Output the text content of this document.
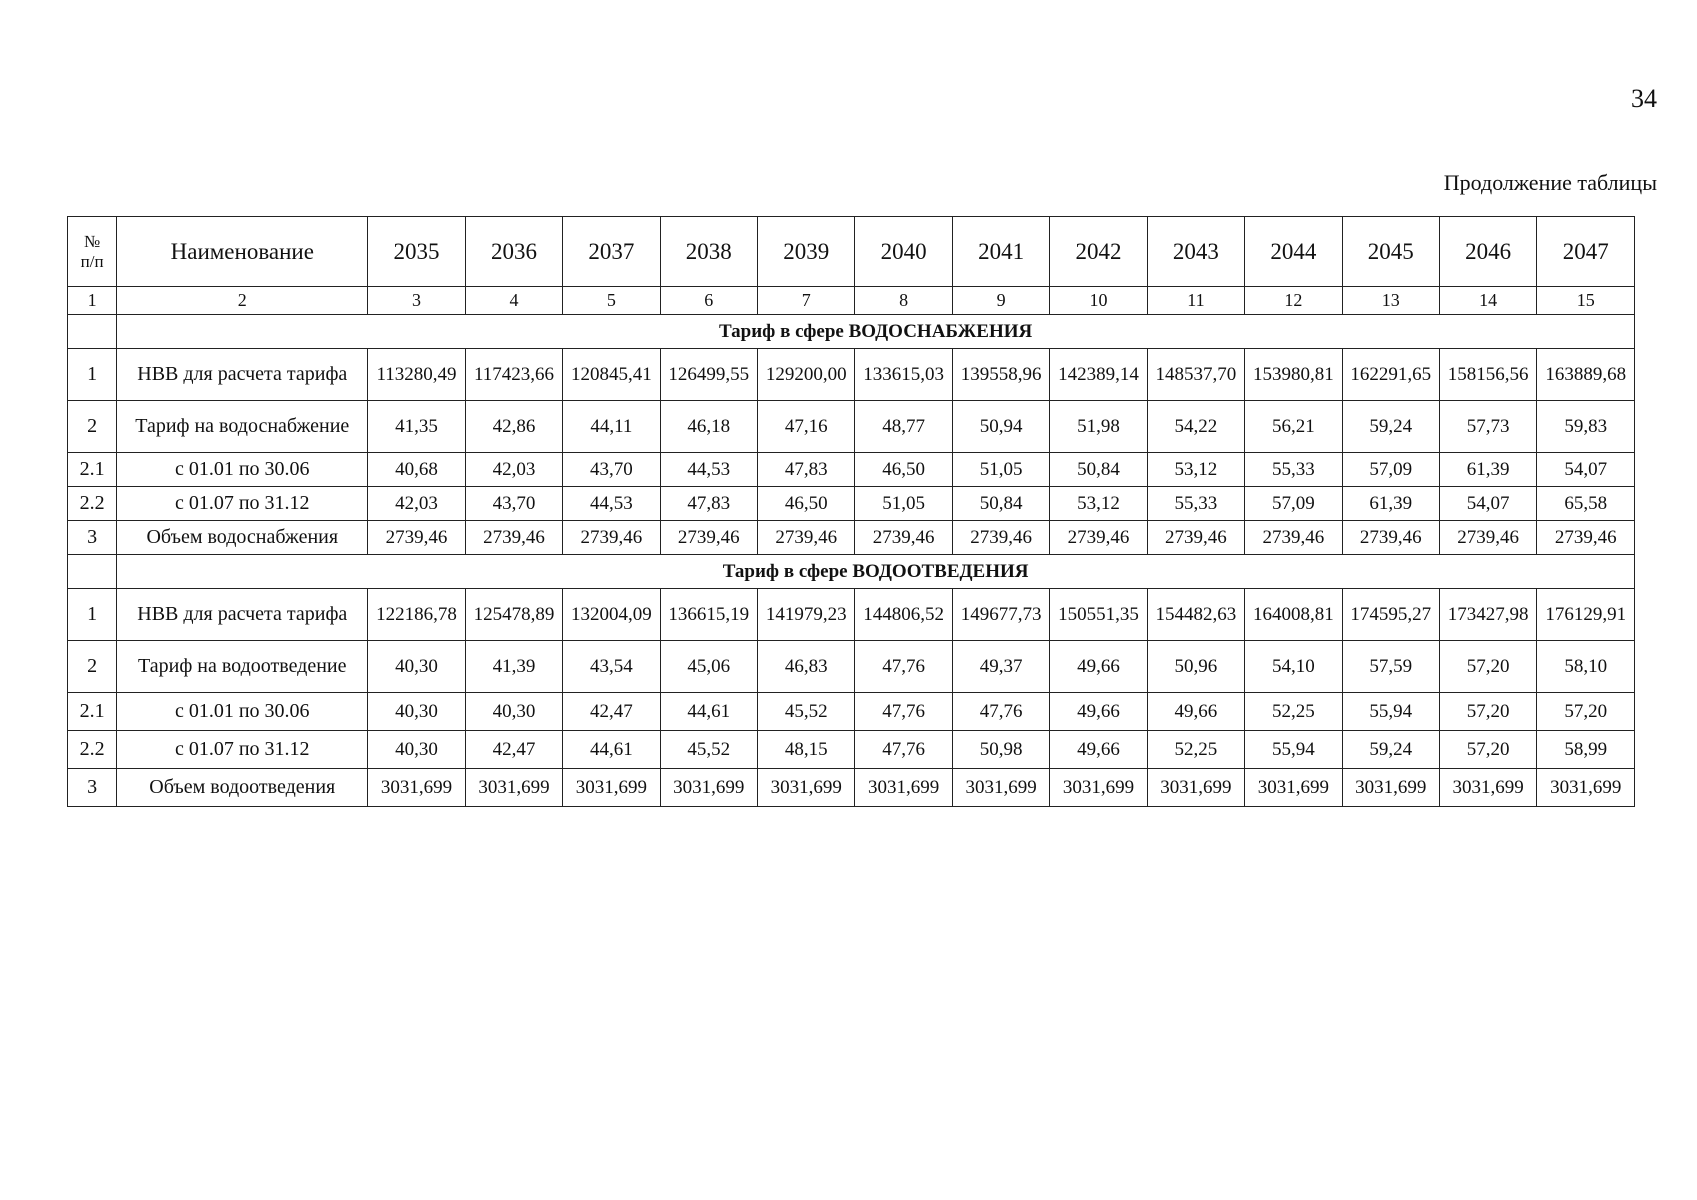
34
Продолжение таблицы
№
п/п	Наименование	2035	2036	2037	2038	2039	2040	2041	2042	2043	2044	2045	2046	2047
1	2	3	4	5	6	7	8	9	10	11	12	13	14	15
	Тариф в сфере ВОДОСНАБЖЕНИЯ													
1	НВВ для расчета тарифа	113280,49	117423,66	120845,41	126499,55	129200,00	133615,03	139558,96	142389,14	148537,70	153980,81	162291,65	158156,56	163889,68
2	Тариф на водоснабжение	41,35	42,86	44,11	46,18	47,16	48,77	50,94	51,98	54,22	56,21	59,24	57,73	59,83
2.1	с 01.01 по 30.06	40,68	42,03	43,70	44,53	47,83	46,50	51,05	50,84	53,12	55,33	57,09	61,39	54,07
2.2	с 01.07 по 31.12	42,03	43,70	44,53	47,83	46,50	51,05	50,84	53,12	55,33	57,09	61,39	54,07	65,58
3	Объем водоснабжения	2739,46	2739,46	2739,46	2739,46	2739,46	2739,46	2739,46	2739,46	2739,46	2739,46	2739,46	2739,46	2739,46
	Тариф в сфере ВОДООТВЕДЕНИЯ													
1	НВВ для расчета тарифа	122186,78	125478,89	132004,09	136615,19	141979,23	144806,52	149677,73	150551,35	154482,63	164008,81	174595,27	173427,98	176129,91
2	Тариф на водоотведение	40,30	41,39	43,54	45,06	46,83	47,76	49,37	49,66	50,96	54,10	57,59	57,20	58,10
2.1	с 01.01 по 30.06	40,30	40,30	42,47	44,61	45,52	47,76	47,76	49,66	49,66	52,25	55,94	57,20	57,20
2.2	с 01.07 по 31.12	40,30	42,47	44,61	45,52	48,15	47,76	50,98	49,66	52,25	55,94	59,24	57,20	58,99
3	Объем водоотведения	3031,699	3031,699	3031,699	3031,699	3031,699	3031,699	3031,699	3031,699	3031,699	3031,699	3031,699	3031,699	3031,699
